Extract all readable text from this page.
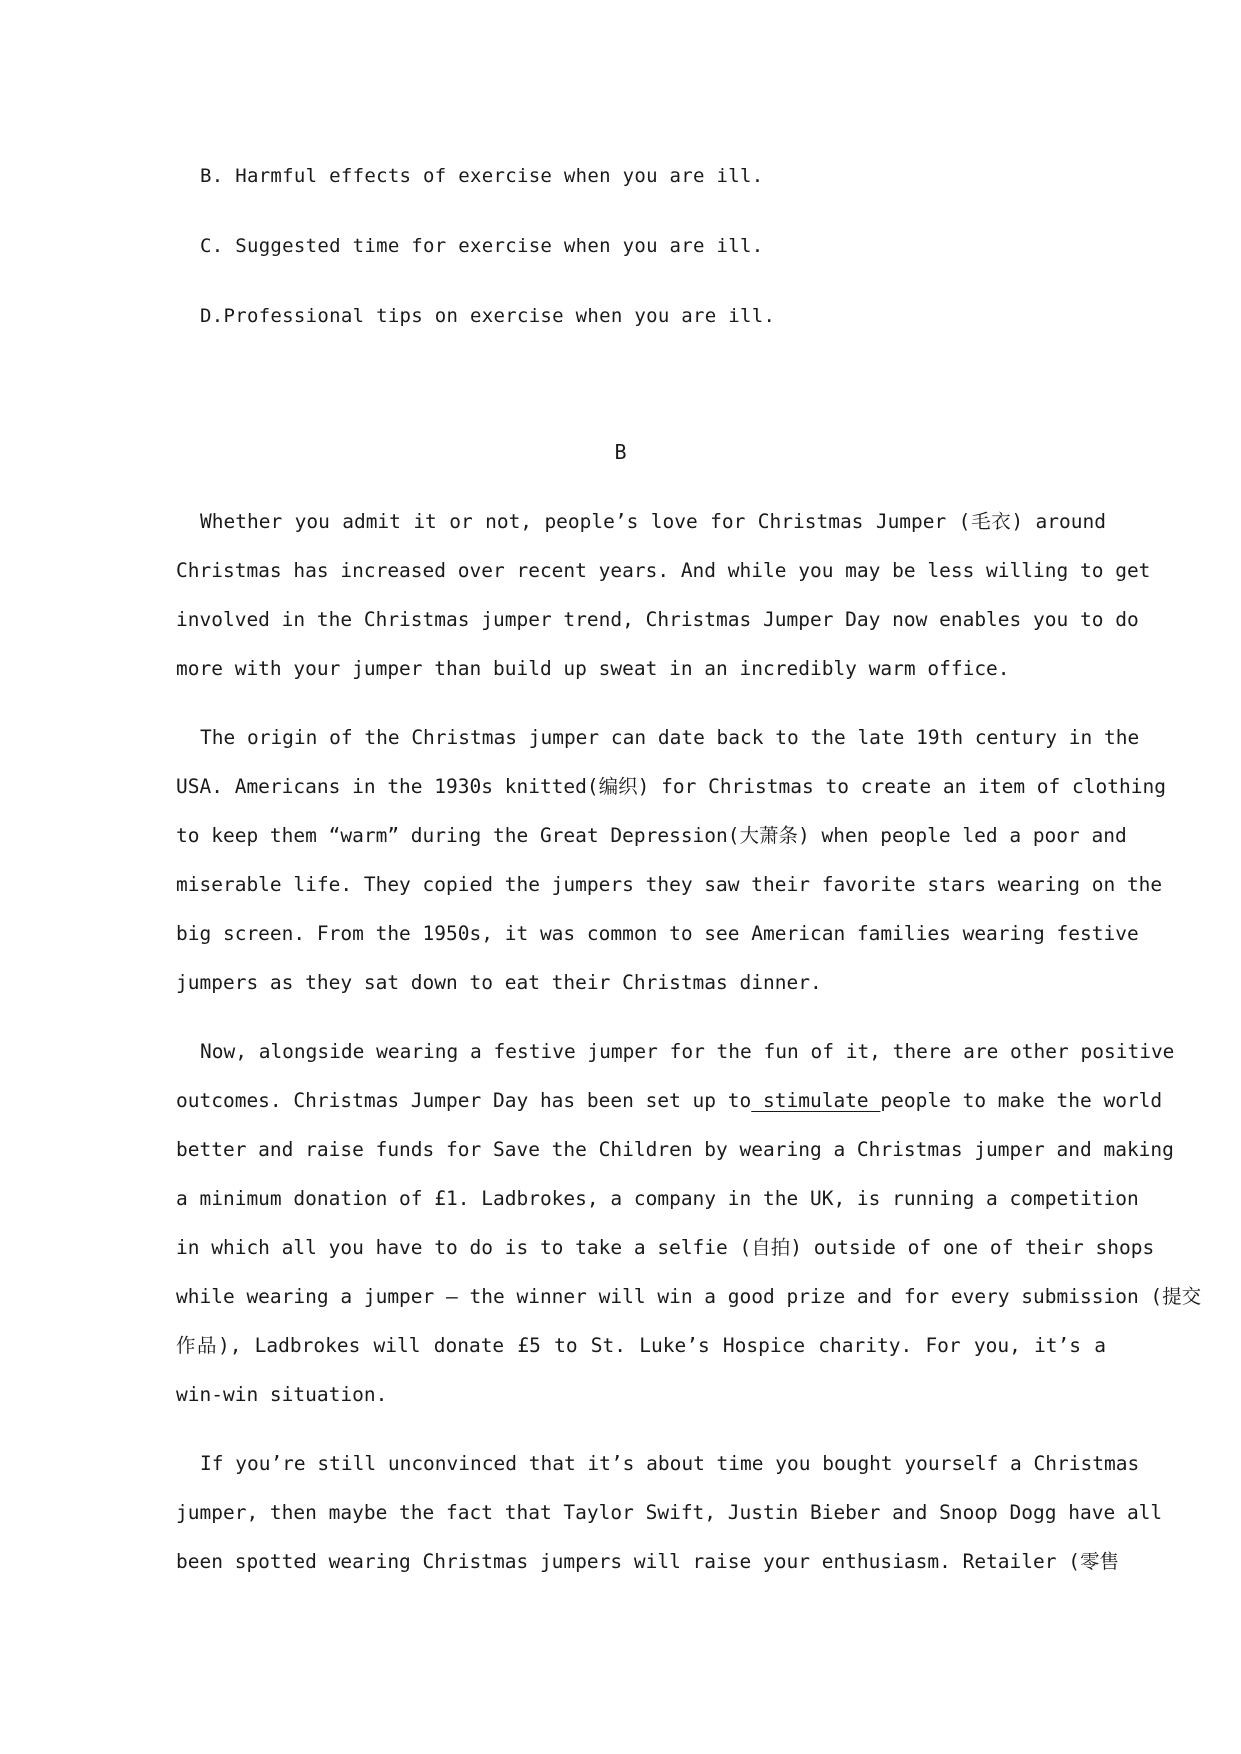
B. Harmful effects of exercise when you are ill.
C. Suggested time for exercise when you are ill.
D.Professional tips on exercise when you are ill.
B
Whether you admit it or not, people’s love for Christmas Jumper (毛衣) around
Christmas has increased over recent years. And while you may be less willing to get
involved in the Christmas jumper trend, Christmas Jumper Day now enables you to do
more with your jumper than build up sweat in an incredibly warm office.
The origin of the Christmas jumper can date back to the late 19th century in the
USA. Americans in the 1930s knitted(编织) for Christmas to create an item of clothing
to keep them “warm” during the Great Depression(大萧条) when people led a poor and
miserable life. They copied the jumpers they saw their favorite stars wearing on the
big screen. From the 1950s, it was common to see American families wearing festive
jumpers as they sat down to eat their Christmas dinner.
Now, alongside wearing a festive jumper for the fun of it, there are other positive
outcomes. Christmas Jumper Day has been set up to stimulate people to make the world
better and raise funds for Save the Children by wearing a Christmas jumper and making
a minimum donation of £1. Ladbrokes, a company in the UK, is running a competition
in which all you have to do is to take a selfie (自拍) outside of one of their shops
while wearing a jumper — the winner will win a good prize and for every submission (提交
作品), Ladbrokes will donate £5 to St. Luke’s Hospice charity. For you, it’s a
win-win situation.
If you’re still unconvinced that it’s about time you bought yourself a Christmas
jumper, then maybe the fact that Taylor Swift, Justin Bieber and Snoop Dogg have all
been spotted wearing Christmas jumpers will raise your enthusiasm. Retailer (零售
